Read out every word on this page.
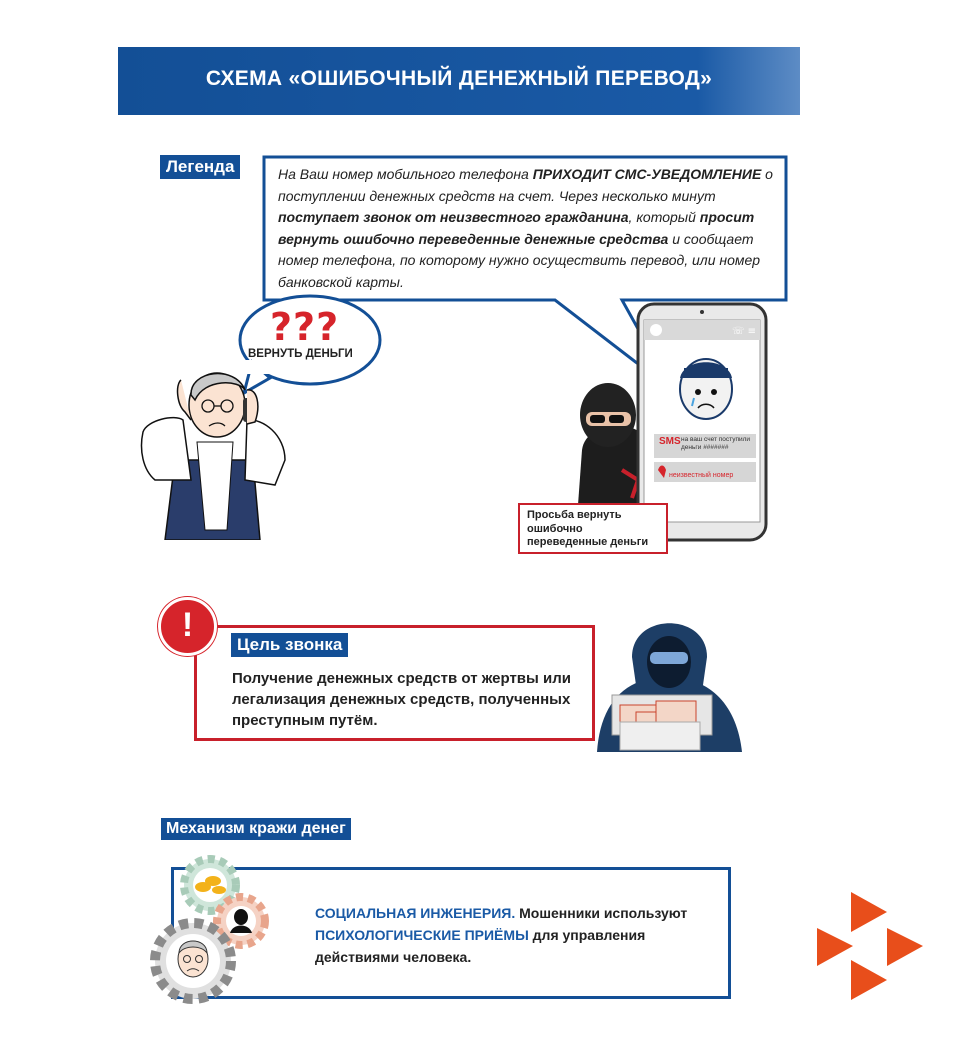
СХЕМА «ОШИБОЧНЫЙ ДЕНЕЖНЫЙ ПЕРЕВОД»
Легенда	На Ваш номер мобильного телефона ПРИХОДИТ СМС-УВЕДОМЛЕНИЕ о поступлении денежных средств на счет. Через несколько минут поступает звонок от неизвестного гражданина, который просит вернуть ошибочно переведенные денежные средства и сообщает номер телефона, по которому нужно осуществить перевод, или номер банковской карты.
???
ВЕРНУТЬ ДЕНЬГИ
☏ ≡
SMS на ваш счет поступили деньги #######
неизвестный номер
Просьба вернуть ошибочно переведенные деньги
!
Цель звонка
Получение денежных средств от жертвы или легализация денежных средств, полученных преступным путём.
Механизм кражи денег
СОЦИАЛЬНАЯ ИНЖЕНЕРИЯ. Мошенники используют ПСИХОЛОГИЧЕСКИЕ ПРИЁМЫ для управления действиями человека.
